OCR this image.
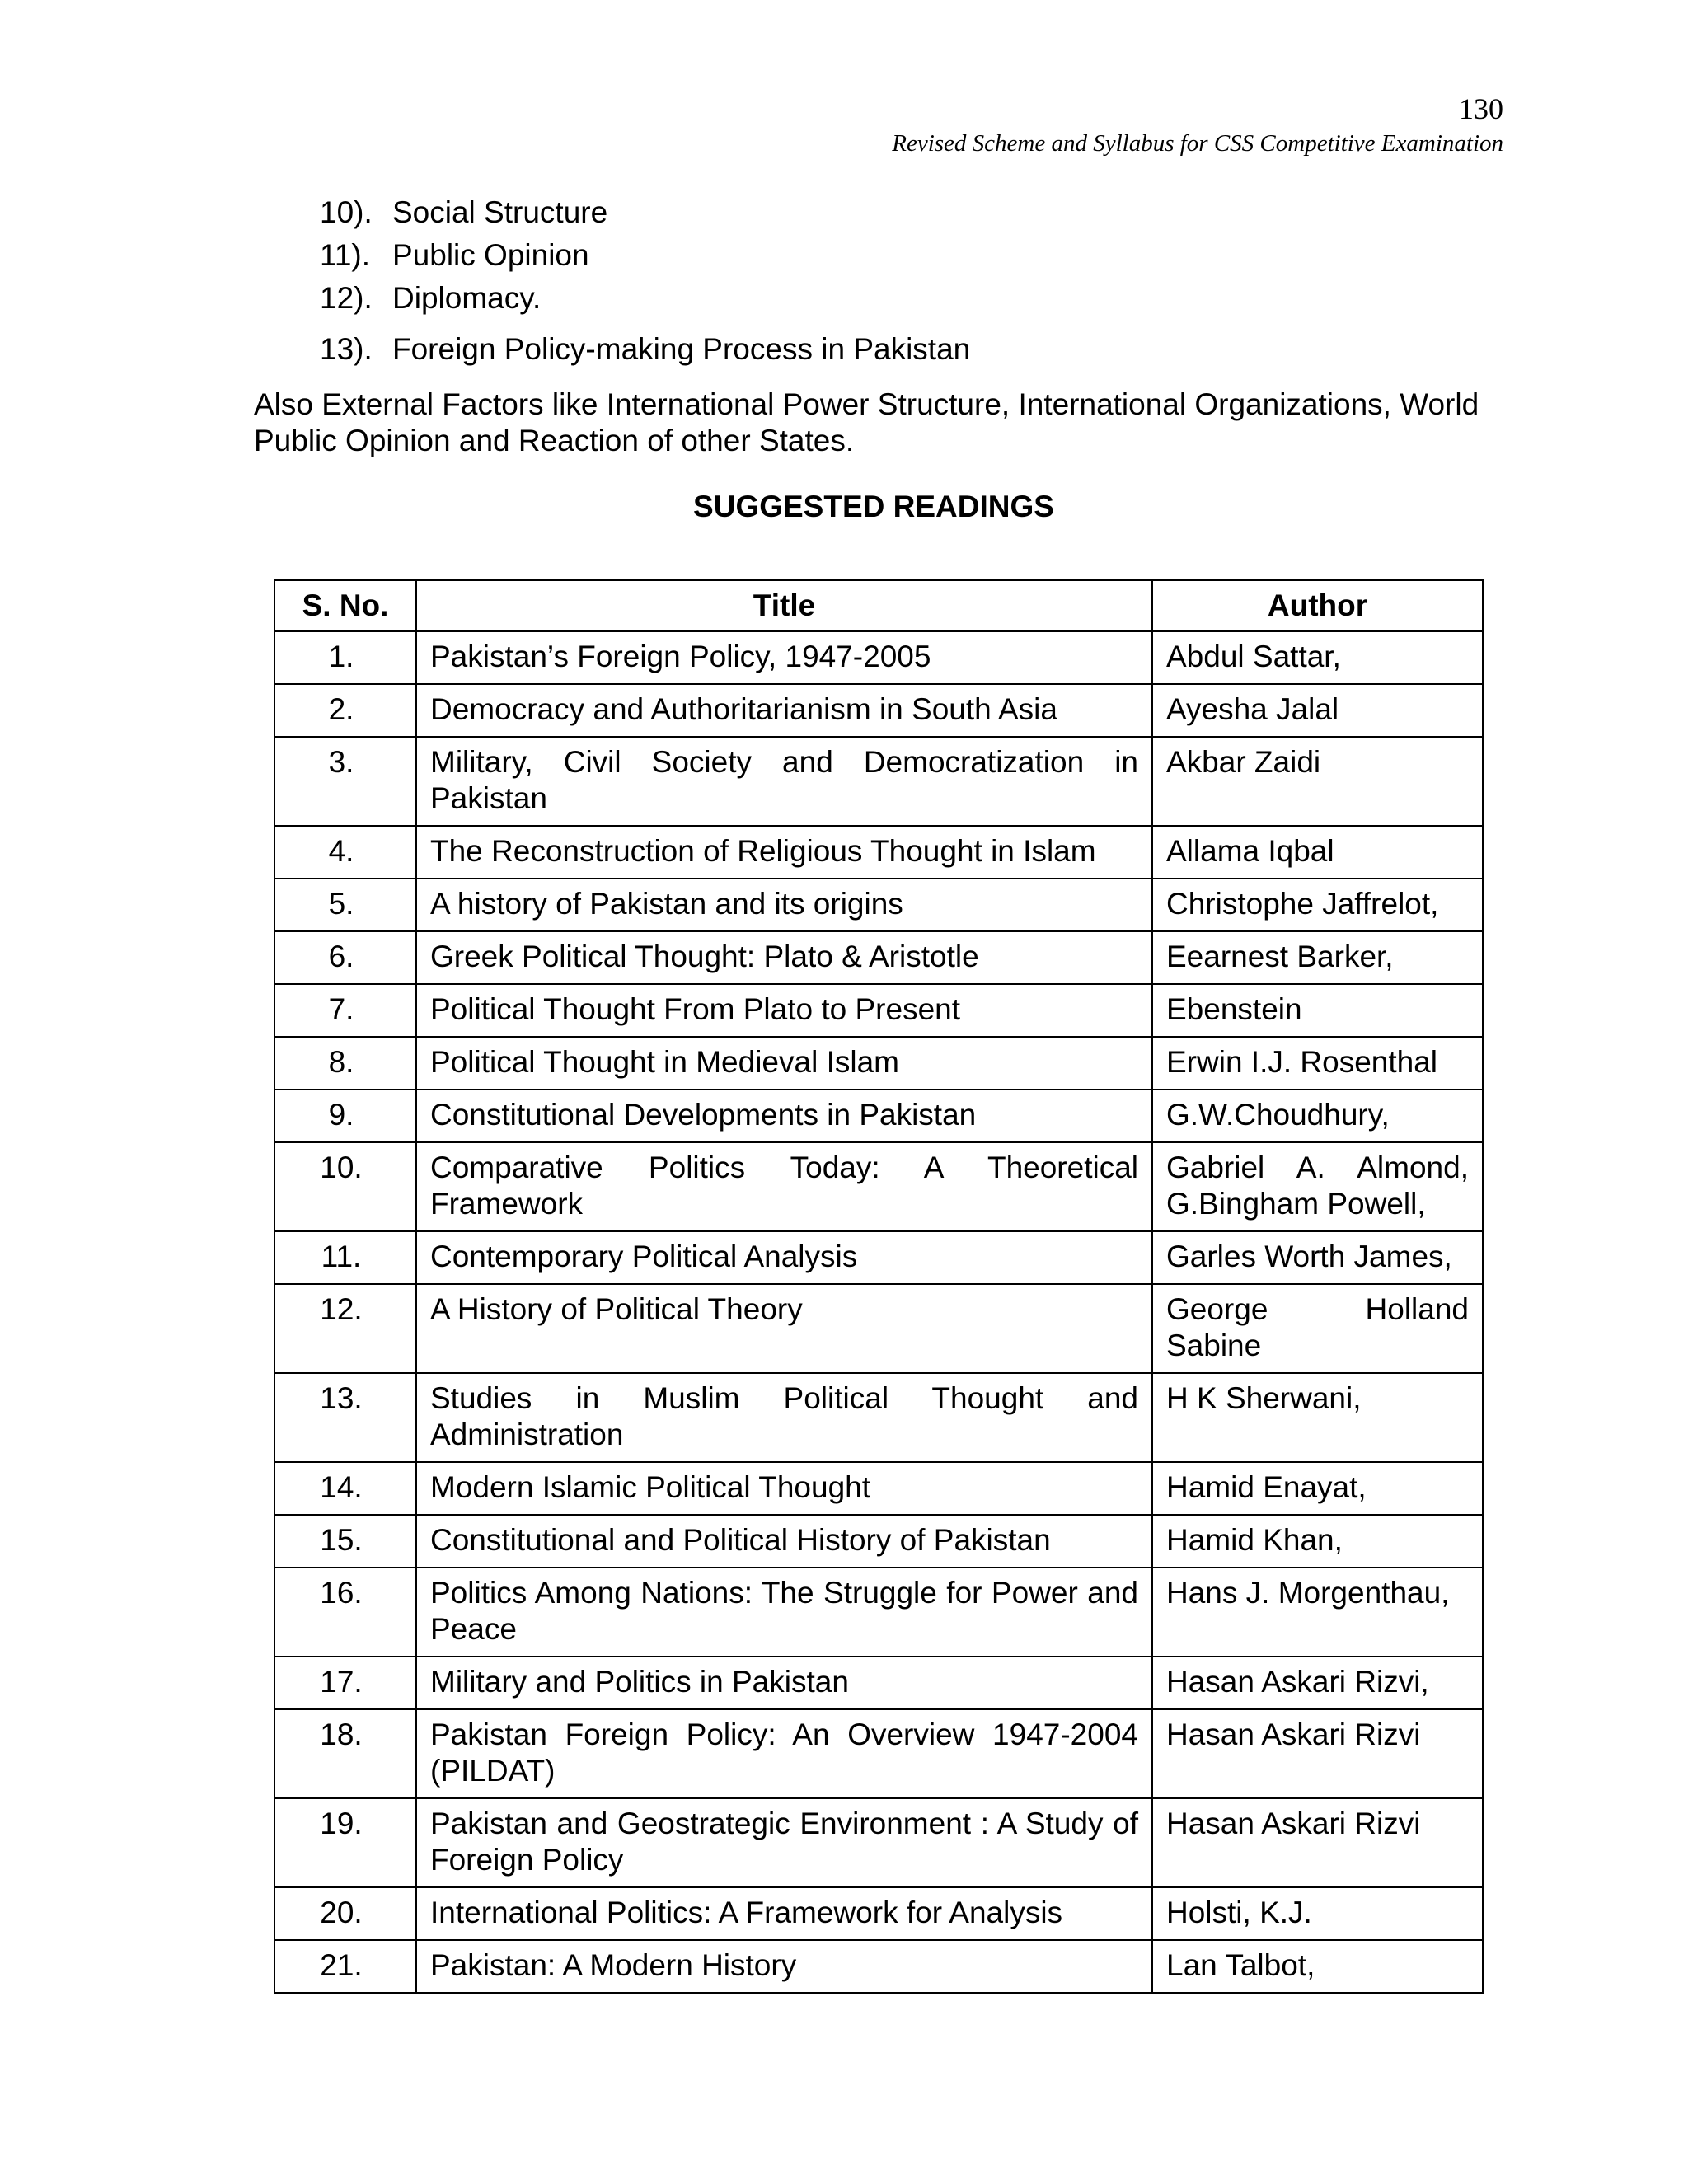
130
Revised Scheme and Syllabus for CSS Competitive Examination
10). Social Structure
11). Public Opinion
12). Diplomacy.
13). Foreign Policy-making Process in Pakistan

Also External Factors like International Power Structure, International Organizations, World Public Opinion and Reaction of other States.

SUGGESTED READINGS
S. No.	Title	Author
1.	Pakistan’s Foreign Policy, 1947-2005	Abdul Sattar,
2.	Democracy and Authoritarianism in South Asia	Ayesha Jalal
3.	Military, Civil Society and Democratization in Pakistan	Akbar Zaidi
4.	The Reconstruction of Religious Thought in Islam	Allama Iqbal
5.	A history of Pakistan and its origins	Christophe Jaffrelot,
6.	Greek Political Thought: Plato & Aristotle	Eearnest Barker,
7.	Political Thought From Plato to Present	Ebenstein
8.	Political Thought in Medieval Islam	Erwin I.J. Rosenthal
9.	Constitutional Developments in Pakistan	G.W.Choudhury,
10.	Comparative Politics Today: A Theoretical Framework	Gabriel A. Almond, G.Bingham Powell,
11.	Contemporary Political Analysis	Garles Worth James,
12.	A History of Political Theory	George Holland Sabine
13.	Studies in Muslim Political Thought and Administration	H K Sherwani,
14.	Modern Islamic Political Thought	Hamid Enayat,
15.	Constitutional and Political History of Pakistan	Hamid Khan,
16.	Politics Among Nations: The Struggle for Power and Peace	Hans J. Morgenthau,
17.	Military and Politics in Pakistan	Hasan Askari Rizvi,
18.	Pakistan Foreign Policy: An Overview 1947-2004 (PILDAT)	Hasan Askari Rizvi
19.	Pakistan and Geostrategic Environment : A Study of Foreign Policy	Hasan Askari Rizvi
20.	International Politics: A Framework for Analysis	Holsti, K.J.
21.	Pakistan: A Modern History	Lan Talbot,
